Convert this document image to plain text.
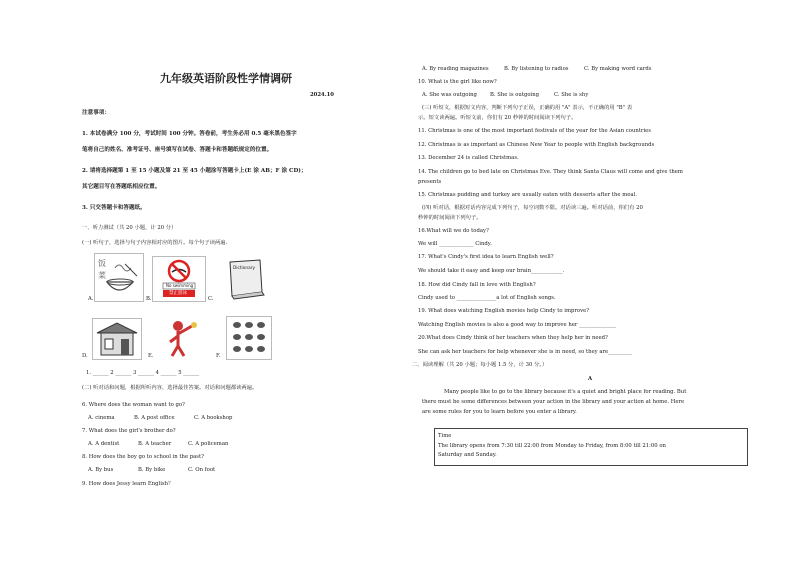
九年级英语阶段性学情调研
2024.10
注意事项：
1. 本试卷满分 100 分，考试时间 100 分钟。答卷前，考生务必用 0.5 毫米黑色签字
笔将自己的姓名、准考证号、座号填写在试卷、答题卡和答题纸规定的位置。
2. 请将选择题第 1 至 15 小题及第 21 至 45 小题涂写答题卡上(E 涂 AB；F 涂 CD)；
其它题目写在答题纸相应位置。
3. 只交答题卡和答题纸。
一、听力测试（共 20 小题，计 20 分）
(一) 听句子，选择与句子内容相对应的图片。每个句子读两遍.
A.
饭
菜
B.
No swimming
禁止游泳
C.
Dictionary
D.	E.	F.
1. ______ 2 ______ 3 ______ 4 ______ 5 ______
(二) 听对话和问题，根据所听内容，选择最佳答案。对话和问题都读两遍。
6. Where does the woman want to go?
A. cinema	B. A post office	C. A bookshop
7. What does the girl's brother do?
A. A dentist	B. A teacher	C. A policeman
8. How does the boy go to school in the past?
A. By bus	B. By bike	C. On foot
9. How does Jessy learn English？
A. By reading magazines	B. By listening to radios	C. By making word cards
10. What is the girl like now?
A. She was outgoing B. She is outgoing	C. She is shy
(三) 听短文，根据短文内容，判断下列句子正误，正确的用 "A" 表示，不正确的用 "B" 表
示。短文读两遍。听短文前，你们有 20 秒钟的时间阅读下列句子。
11. Christmas is one of the most important festivals of the year for the Asian countries
12. Christmas is as important as Chinese New Year to people with English backgrounds
13. December 24 is called Christmas.
14. The children go to bed late on Christmas Eve. They think Santa Claus will come and give them
presents
15. Christmas pudding and turkey are usually eaten with desserts after the meal.
(四) 听对话，根据对话内容完成下列句子，每空词数不限。对话读三遍。听对话前，你们有 20
秒钟的时间阅读下列句子。
16.What will we do today?
We will _____________ Cindy.
17. What's Cindy's first idea to learn English well?
We should take it easy and keep our brain____________.
18. How did Cindy fall in love with English?
Cindy used to _______________a lot of English songs.
19. What does watching English movies help Cindy to improve?
Watching English movies is also a good way to improve her ______________
20.What does Cindy think of her teachers when they help her in need?
She can ask her teachers for help whenever she is in need, so they are_________
二、阅读理解（共 20 小题；每小题 1.5 分，计 30 分。）
A
Many people like to go to the library because it's a quiet and bright place for reading. But
there must be some differences between your action in the library and your action at home. Here
are some rules for you to learn before you enter a library.
Time
The library opens from 7:30 till 22:00 from Monday to Friday, from 8:00 till 21:00 on
Saturday and Sunday.
